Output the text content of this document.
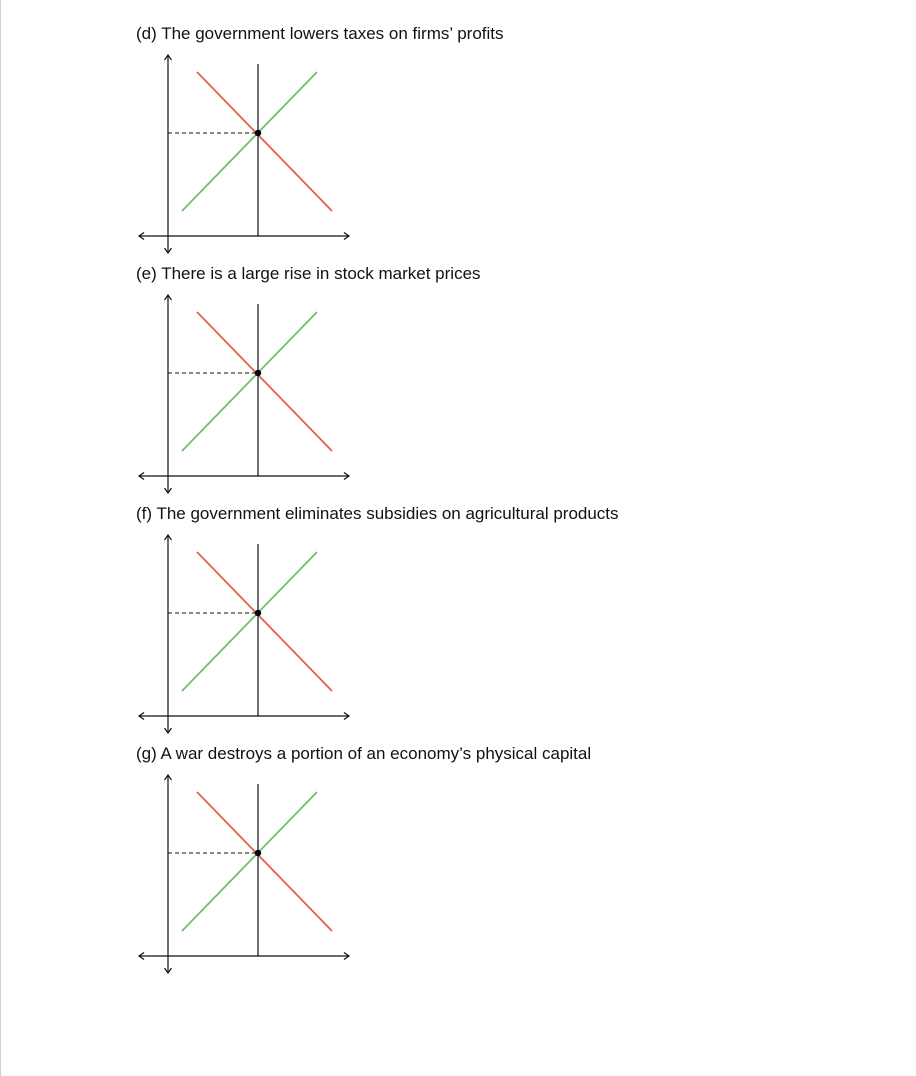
(d) The government lowers taxes on firms’ profits
(e) There is a large rise in stock market prices
(f) The government eliminates subsidies on agricultural products
(g) A war destroys a portion of an economy’s physical capital
